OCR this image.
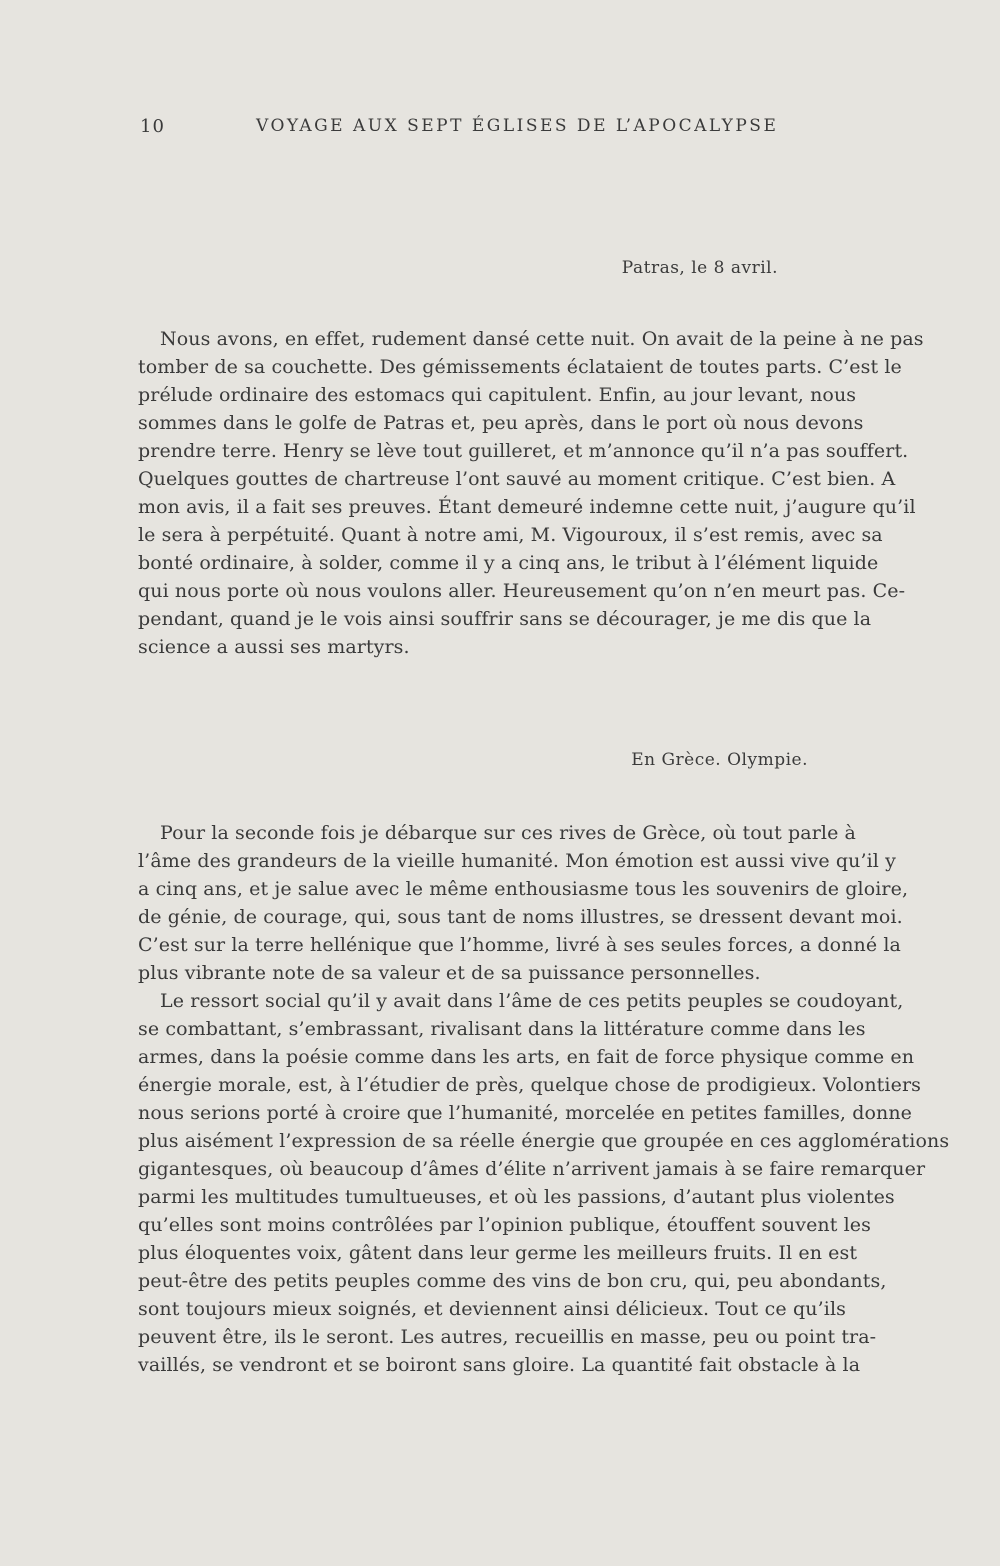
10	VOYAGE AUX SEPT ÉGLISES DE L’APOCALYPSE
Patras, le 8 avril.
Nous avons, en effet, rudement dansé cette nuit. On avait de la peine à ne pas
tomber de sa couchette. Des gémissements éclataient de toutes parts. C’est le
prélude ordinaire des estomacs qui capitulent. Enfin, au jour levant, nous
sommes dans le golfe de Patras et, peu après, dans le port où nous devons
prendre terre. Henry se lève tout guilleret, et m’annonce qu’il n’a pas souffert.
Quelques gouttes de chartreuse l’ont sauvé au moment critique. C’est bien. A
mon avis, il a fait ses preuves. Étant demeuré indemne cette nuit, j’augure qu’il
le sera à perpétuité. Quant à notre ami, M. Vigouroux, il s’est remis, avec sa
bonté ordinaire, à solder, comme il y a cinq ans, le tribut à l’élément liquide
qui nous porte où nous voulons aller. Heureusement qu’on n’en meurt pas. Ce-
pendant, quand je le vois ainsi souffrir sans se décourager, je me dis que la
science a aussi ses martyrs.
En Grèce. Olympie.
Pour la seconde fois je débarque sur ces rives de Grèce, où tout parle à
l’âme des grandeurs de la vieille humanité. Mon émotion est aussi vive qu’il y
a cinq ans, et je salue avec le même enthousiasme tous les souvenirs de gloire,
de génie, de courage, qui, sous tant de noms illustres, se dressent devant moi.
C’est sur la terre hellénique que l’homme, livré à ses seules forces, a donné la
plus vibrante note de sa valeur et de sa puissance personnelles.
Le ressort social qu’il y avait dans l’âme de ces petits peuples se coudoyant,
se combattant, s’embrassant, rivalisant dans la littérature comme dans les
armes, dans la poésie comme dans les arts, en fait de force physique comme en
énergie morale, est, à l’étudier de près, quelque chose de prodigieux. Volontiers
nous serions porté à croire que l’humanité, morcelée en petites familles, donne
plus aisément l’expression de sa réelle énergie que groupée en ces agglomérations
gigantesques, où beaucoup d’âmes d’élite n’arrivent jamais à se faire remarquer
parmi les multitudes tumultueuses, et où les passions, d’autant plus violentes
qu’elles sont moins contrôlées par l’opinion publique, étouffent souvent les
plus éloquentes voix, gâtent dans leur germe les meilleurs fruits. Il en est
peut-être des petits peuples comme des vins de bon cru, qui, peu abondants,
sont toujours mieux soignés, et deviennent ainsi délicieux. Tout ce qu’ils
peuvent être, ils le seront. Les autres, recueillis en masse, peu ou point tra-
vaillés, se vendront et se boiront sans gloire. La quantité fait obstacle à la
